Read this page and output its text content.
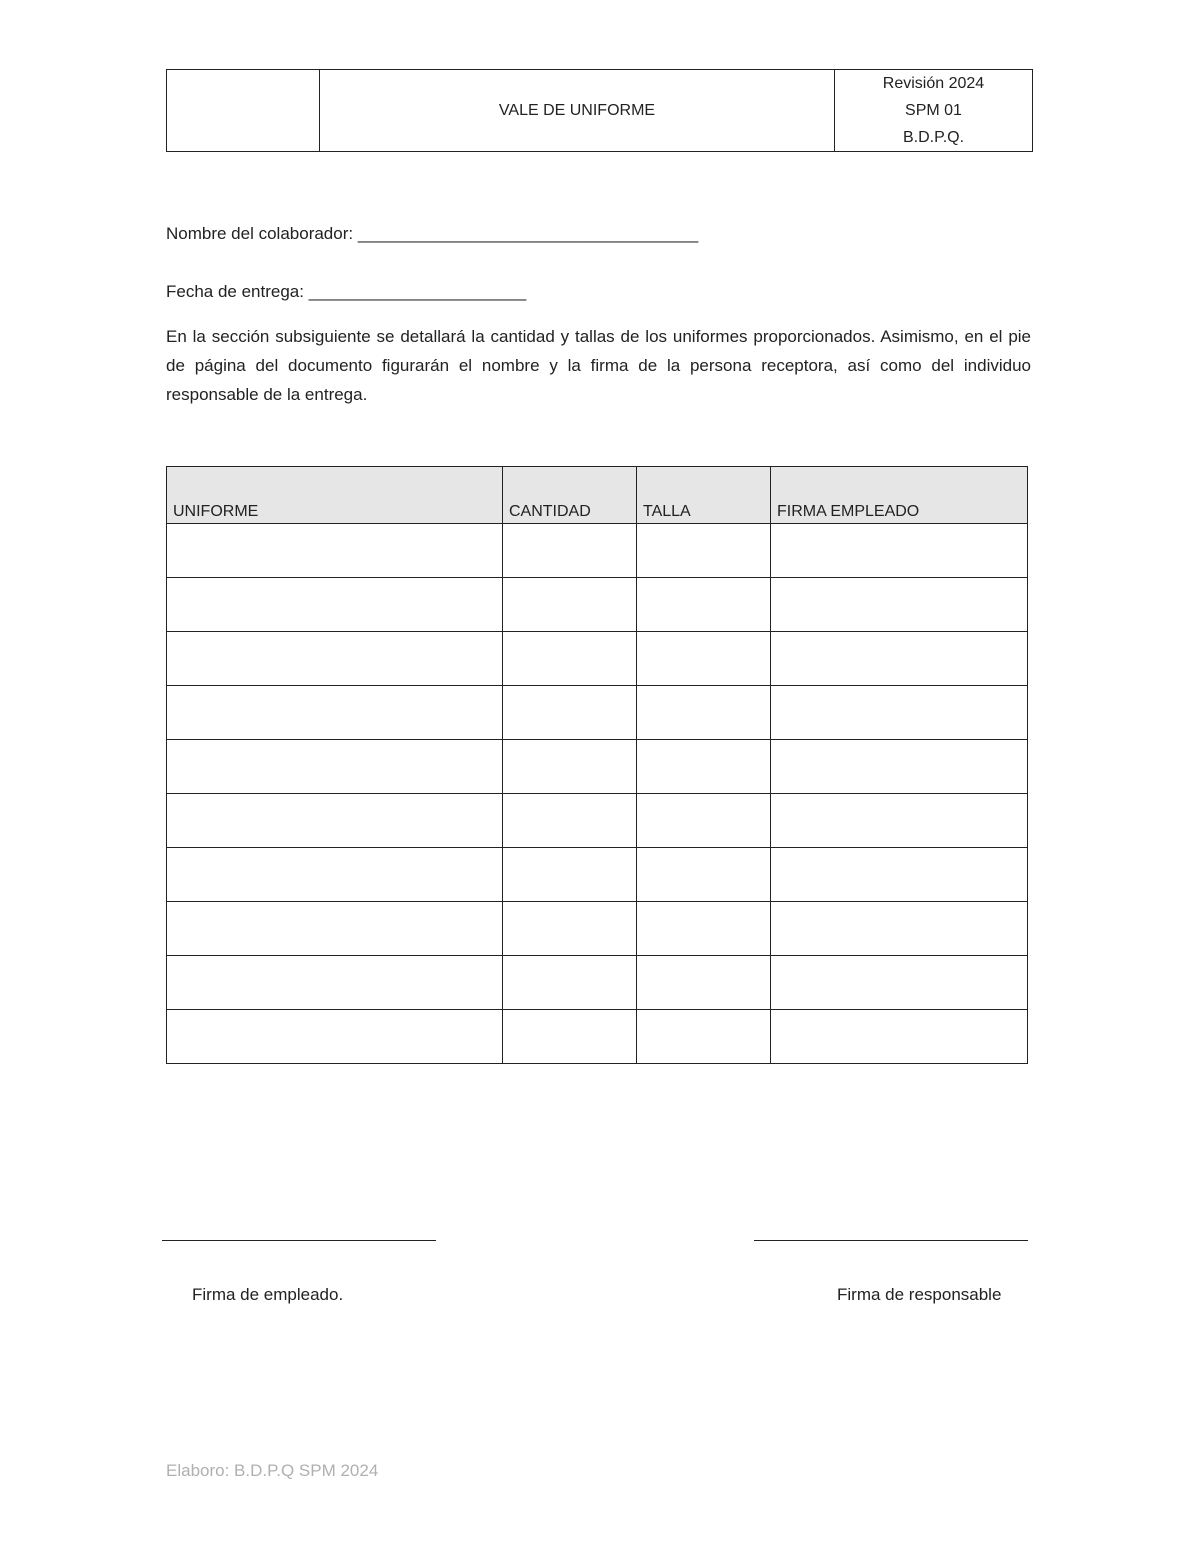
	VALE DE UNIFORME	
Revisión 2024
SPM 01
B.D.P.Q.
Nombre del colaborador: ____________________________________
Fecha de entrega: _______________________

En la sección subsiguiente se detallará la cantidad y tallas de los uniformes proporcionados. Asimismo, en el pie de página del documento figurarán el nombre y la firma de la persona receptora, así como del individuo responsable de la entrega.

UNIFORME	CANTIDAD	TALLA	FIRMA EMPLEADO

Firma de empleado.	Firma de responsable
Elaboro: B.D.P.Q SPM 2024
